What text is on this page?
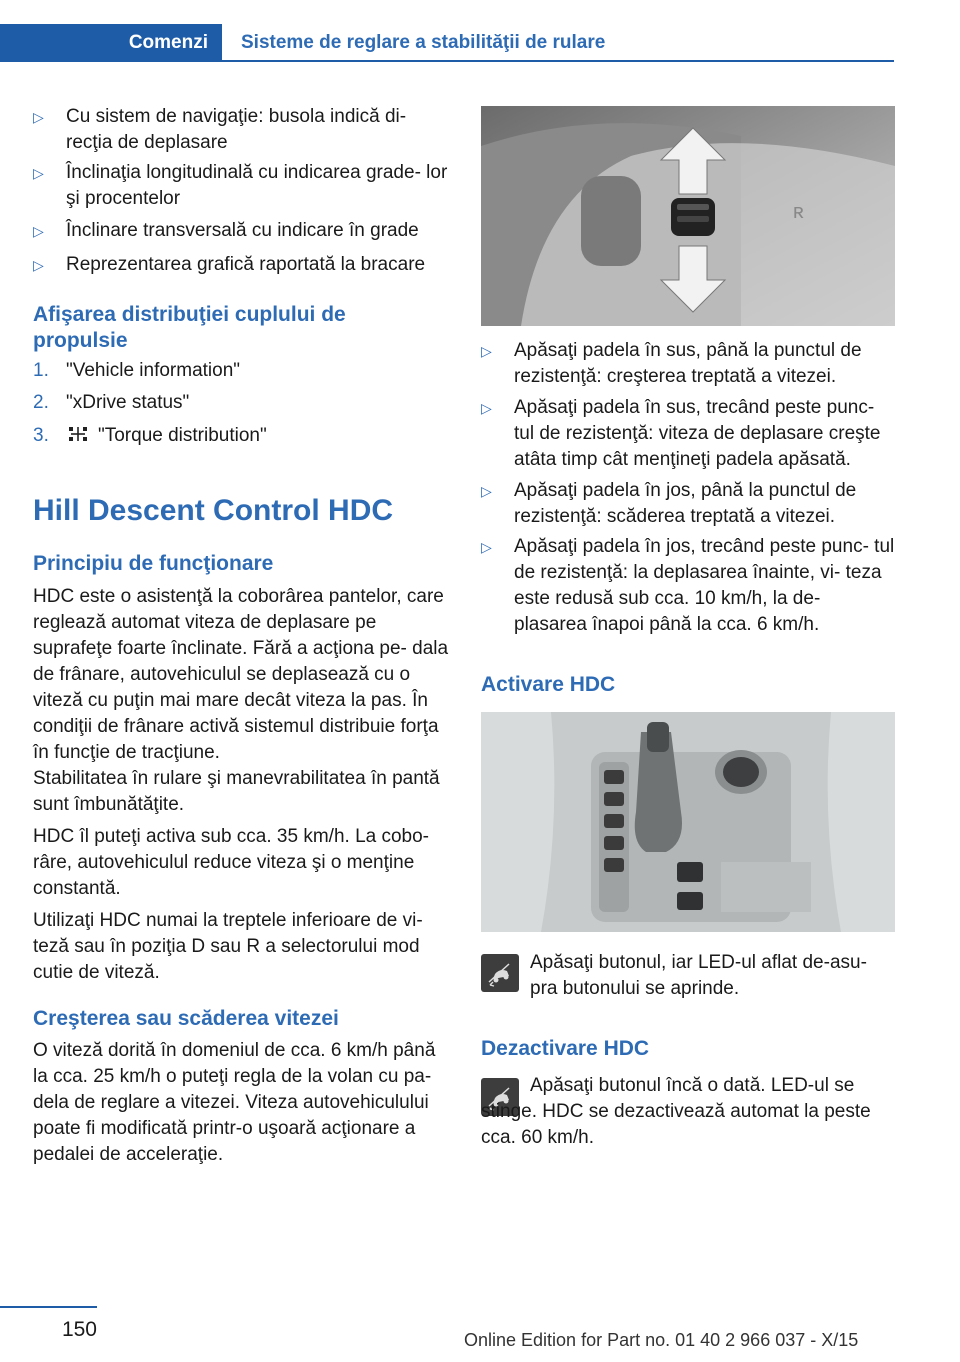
Comenzi	Sisteme de reglare a stabilităţii de rulare
▷ Cu sistem de navigaţie: busola indică di‐ recţia de deplasare
▷ Înclinaţia longitudinală cu indicarea grade‐ lor şi procentelor
▷ Înclinare transversală cu indicare în grade
▷ Reprezentarea grafică raportată la bracare
Afişarea distribuţiei cuplului de propulsie
1. "Vehicle information"
2. "xDrive status"
3.	"Torque distribution"
Hill Descent Control HDC
Principiu de funcţionare
HDC este o asistenţă la coborârea pantelor, care reglează automat viteza de deplasare pe suprafeţe foarte înclinate. Fără a acţiona pe‐ dala de frânare, autovehiculul se deplasează cu o viteză cu puţin mai mare decât viteza la pas. În condiţii de frânare activă sistemul distribuie forţa în funcţie de tracţiune.
Stabilitatea în rulare şi manevrabilitatea în pantă sunt îmbunătăţite.
HDC îl puteţi activa sub cca. 35 km/h. La cobo‐ râre, autovehiculul reduce viteza şi o menţine constantă.
Utilizaţi HDC numai la treptele inferioare de vi‐ teză sau în poziţia D sau R a selectorului mod cutie de viteză.
Creşterea sau scăderea vitezei
O viteză dorită în domeniul de cca. 6 km/h până la cca. 25 km/h o puteţi regla de la volan cu pa‐ dela de reglare a vitezei. Viteza autovehiculului poate fi modificată printr-o uşoară acţionare a pedalei de acceleraţie.
ʀ
▷ Apăsaţi padela în sus, până la punctul de rezistenţă: creşterea treptată a vitezei.
▷ Apăsaţi padela în sus, trecând peste punc‐ tul de rezistenţă: viteza de deplasare creşte atâta timp cât menţineţi padela apăsată.
▷ Apăsaţi padela în jos, până la punctul de rezistenţă: scăderea treptată a vitezei.
▷ Apăsaţi padela în jos, trecând peste punc‐ tul de rezistenţă: la deplasarea înainte, vi‐ teza este redusă sub cca. 10 km/h, la de‐ plasarea înapoi până la cca. 6 km/h.
Activare HDC
Apăsaţi butonul, iar LED-ul aflat de-asu‐ pra butonului se aprinde.
Dezactivare HDC
Apăsaţi butonul încă o dată. LED-ul se stinge. HDC se dezactivează automat la peste cca. 60 km/h.
150	Online Edition for Part no. 01 40 2 966 037 - X/15
